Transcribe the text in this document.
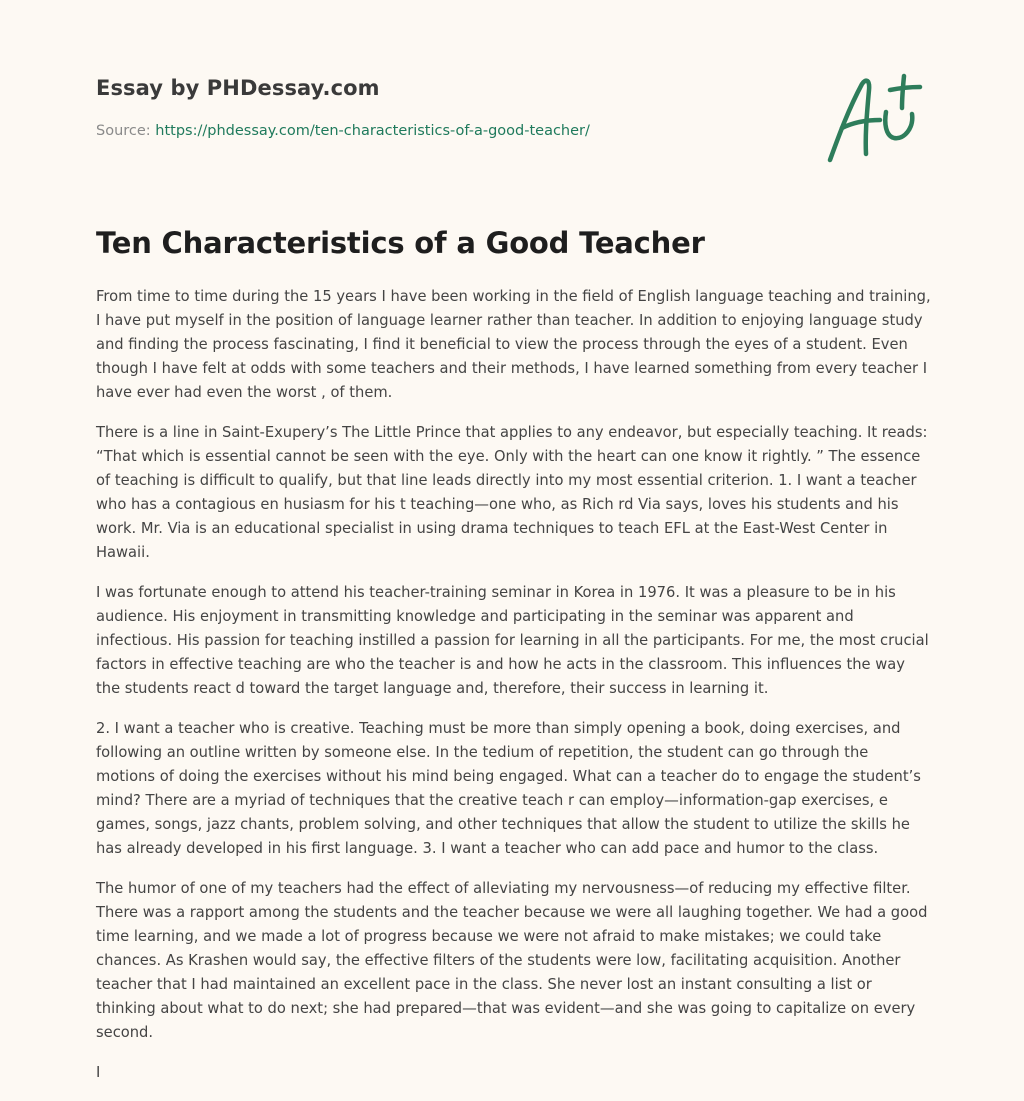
Essay by PHDessay.com
Source: https://phdessay.com/ten-characteristics-of-a-good-teacher/
Ten Characteristics of a Good Teacher

From time to time during the 15 years I have been working in the field of English language teaching and training, I have put myself in the position of language learner rather than teacher. In addition to enjoying language study and finding the process fascinating, I find it beneficial to view the process through the eyes of a student. Even though I have felt at odds with some teachers and their methods, I have learned something from every teacher I have ever had even the worst , of them.

There is a line in Saint-Exupery’s The Little Prince that applies to any endeavor, but especially teaching. It reads: “That which is essential cannot be seen with the eye. Only with the heart can one know it rightly. ” The essence of teaching is difficult to qualify, but that line leads directly into my most essential criterion. 1. I want a teacher who has a contagious en husiasm for his t teaching—one who, as Rich rd Via says, loves his students and his work. Mr. Via is an educational specialist in using drama techniques to teach EFL at the East-West Center in Hawaii.

I was fortunate enough to attend his teacher-training seminar in Korea in 1976. It was a pleasure to be in his audience. His enjoyment in transmitting knowledge and participating in the seminar was apparent and infectious. His passion for teaching instilled a passion for learning in all the participants. For me, the most crucial factors in effective teaching are who the teacher is and how he acts in the classroom. This influences the way the students react d toward the target language and, therefore, their success in learning it.

2. I want a teacher who is creative. Teaching must be more than simply opening a book, doing exercises, and following an outline written by someone else. In the tedium of repetition, the student can go through the motions of doing the exercises without his mind being engaged. What can a teacher do to engage the student’s mind? There are a myriad of techniques that the creative teach r can employ—information-gap exercises, e games, songs, jazz chants, problem solving, and other techniques that allow the student to utilize the skills he has already developed in his first language. 3. I want a teacher who can add pace and humor to the class.

The humor of one of my teachers had the effect of alleviating my nervousness—of reducing my effective filter. There was a rapport among the students and the teacher because we were all laughing together. We had a good time learning, and we made a lot of progress because we were not afraid to make mistakes; we could take chances. As Krashen would say, the effective filters of the students were low, facilitating acquisition. Another teacher that I had maintained an excellent pace in the class. She never lost an instant consulting a list or thinking about what to do next; she had prepared—that was evident—and she was going to capitalize on every second.

I
